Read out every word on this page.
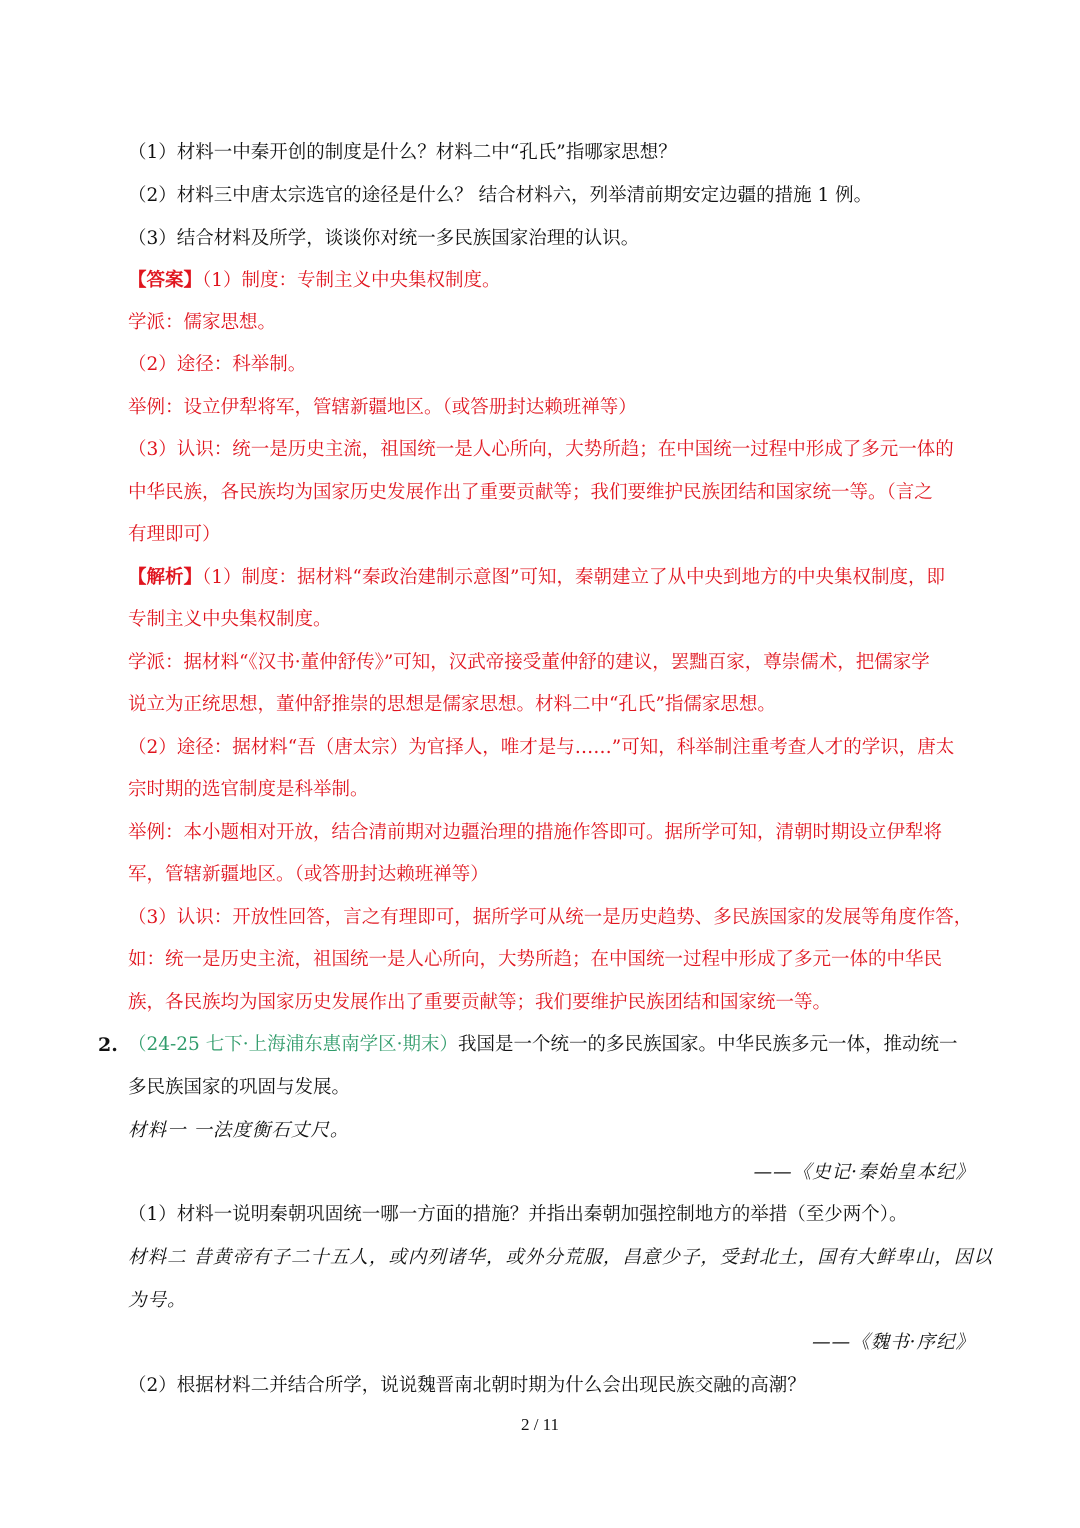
（1）材料一中秦开创的制度是什么？材料二中“孔氏”指哪家思想？
（2）材料三中唐太宗选官的途径是什么？ 结合材料六，列举清前期安定边疆的措施 1 例。
（3）结合材料及所学，谈谈你对统一多民族国家治理的认识。
【答案】（1）制度：专制主义中央集权制度。
学派：儒家思想。
（2）途径：科举制。
举例：设立伊犁将军，管辖新疆地区。（或答册封达赖班禅等）
（3）认识：统一是历史主流，祖国统一是人心所向，大势所趋；在中国统一过程中形成了多元一体的
中华民族，各民族均为国家历史发展作出了重要贡献等；我们要维护民族团结和国家统一等。（言之
有理即可）
【解析】（1）制度：据材料“秦政治建制示意图”可知，秦朝建立了从中央到地方的中央集权制度，即
专制主义中央集权制度。
学派：据材料“《汉书·董仲舒传》”可知，汉武帝接受董仲舒的建议，罢黜百家，尊崇儒术，把儒家学
说立为正统思想，董仲舒推崇的思想是儒家思想。材料二中“孔氏”指儒家思想。
（2）途径：据材料“吾（唐太宗）为官择人，唯才是与……”可知，科举制注重考查人才的学识，唐太
宗时期的选官制度是科举制。
举例：本小题相对开放，结合清前期对边疆治理的措施作答即可。据所学可知，清朝时期设立伊犁将
军，管辖新疆地区。（或答册封达赖班禅等）
（3）认识：开放性回答，言之有理即可，据所学可从统一是历史趋势、多民族国家的发展等角度作答，
如：统一是历史主流，祖国统一是人心所向，大势所趋；在中国统一过程中形成了多元一体的中华民
族，各民族均为国家历史发展作出了重要贡献等；我们要维护民族团结和国家统一等。
2. （24-25 七下·上海浦东惠南学区·期末）我国是一个统一的多民族国家。中华民族多元一体，推动统一
多民族国家的巩固与发展。
材料一 一法度衡石丈尺。
——《史记·秦始皇本纪》
（1）材料一说明秦朝巩固统一哪一方面的措施？并指出秦朝加强控制地方的举措（至少两个）。
材料二 昔黄帝有子二十五人，或内列诸华，或外分荒服，昌意少子，受封北土，国有大鲜卑山，因以
为号。
——《魏书·序纪》
（2）根据材料二并结合所学，说说魏晋南北朝时期为什么会出现民族交融的高潮？
2 / 11
